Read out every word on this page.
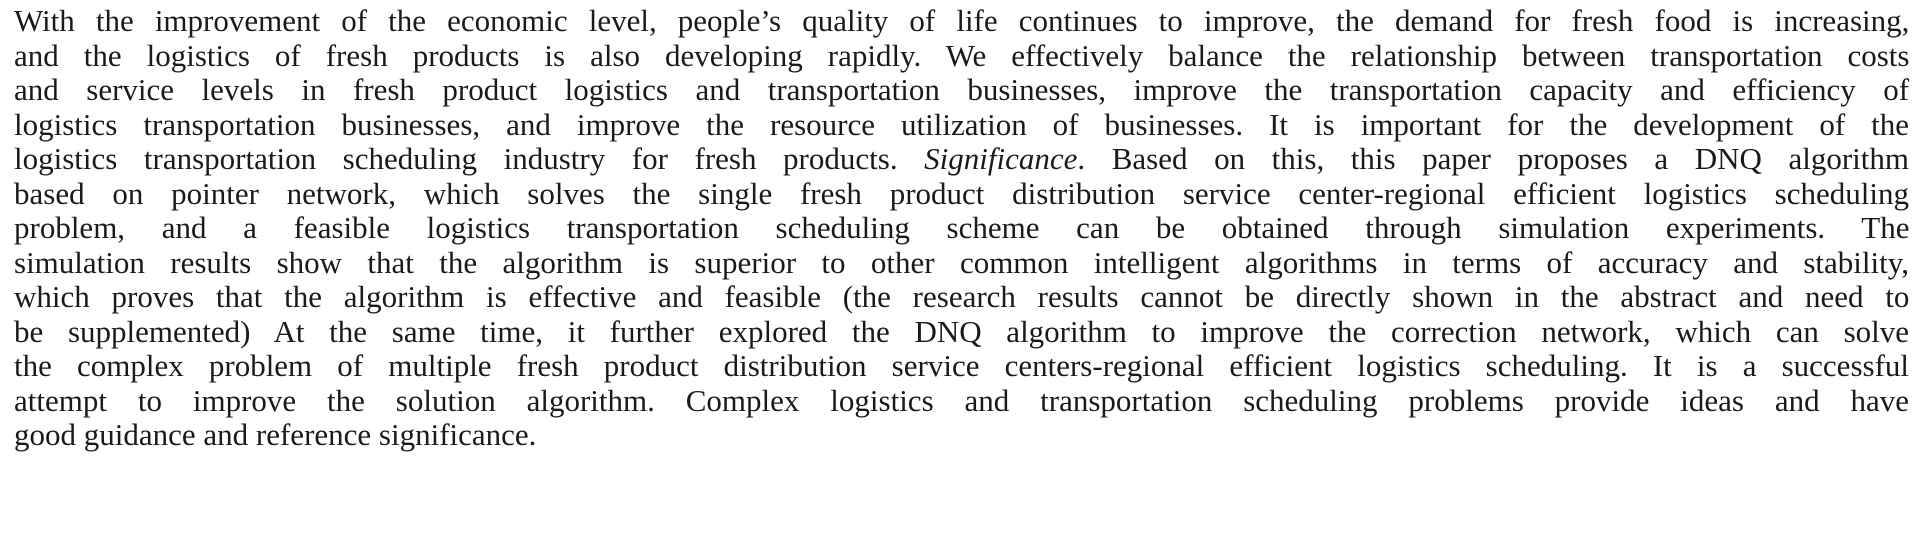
With the improvement of the economic level, people’s quality of life continues to improve, the demand for fresh food is increasing,
and the logistics of fresh products is also developing rapidly. We effectively balance the relationship between transportation costs
and service levels in fresh product logistics and transportation businesses, improve the transportation capacity and efficiency of
logistics transportation businesses, and improve the resource utilization of businesses. It is important for the development of the
logistics transportation scheduling industry for fresh products. Significance. Based on this, this paper proposes a DNQ algorithm
based on pointer network, which solves the single fresh product distribution service center-regional efficient logistics scheduling
problem, and a feasible logistics transportation scheduling scheme can be obtained through simulation experiments. The
simulation results show that the algorithm is superior to other common intelligent algorithms in terms of accuracy and stability,
which proves that the algorithm is effective and feasible (the research results cannot be directly shown in the abstract and need to
be supplemented) At the same time, it further explored the DNQ algorithm to improve the correction network, which can solve
the complex problem of multiple fresh product distribution service centers-regional efficient logistics scheduling. It is a successful
attempt to improve the solution algorithm. Complex logistics and transportation scheduling problems provide ideas and have
good guidance and reference significance.
